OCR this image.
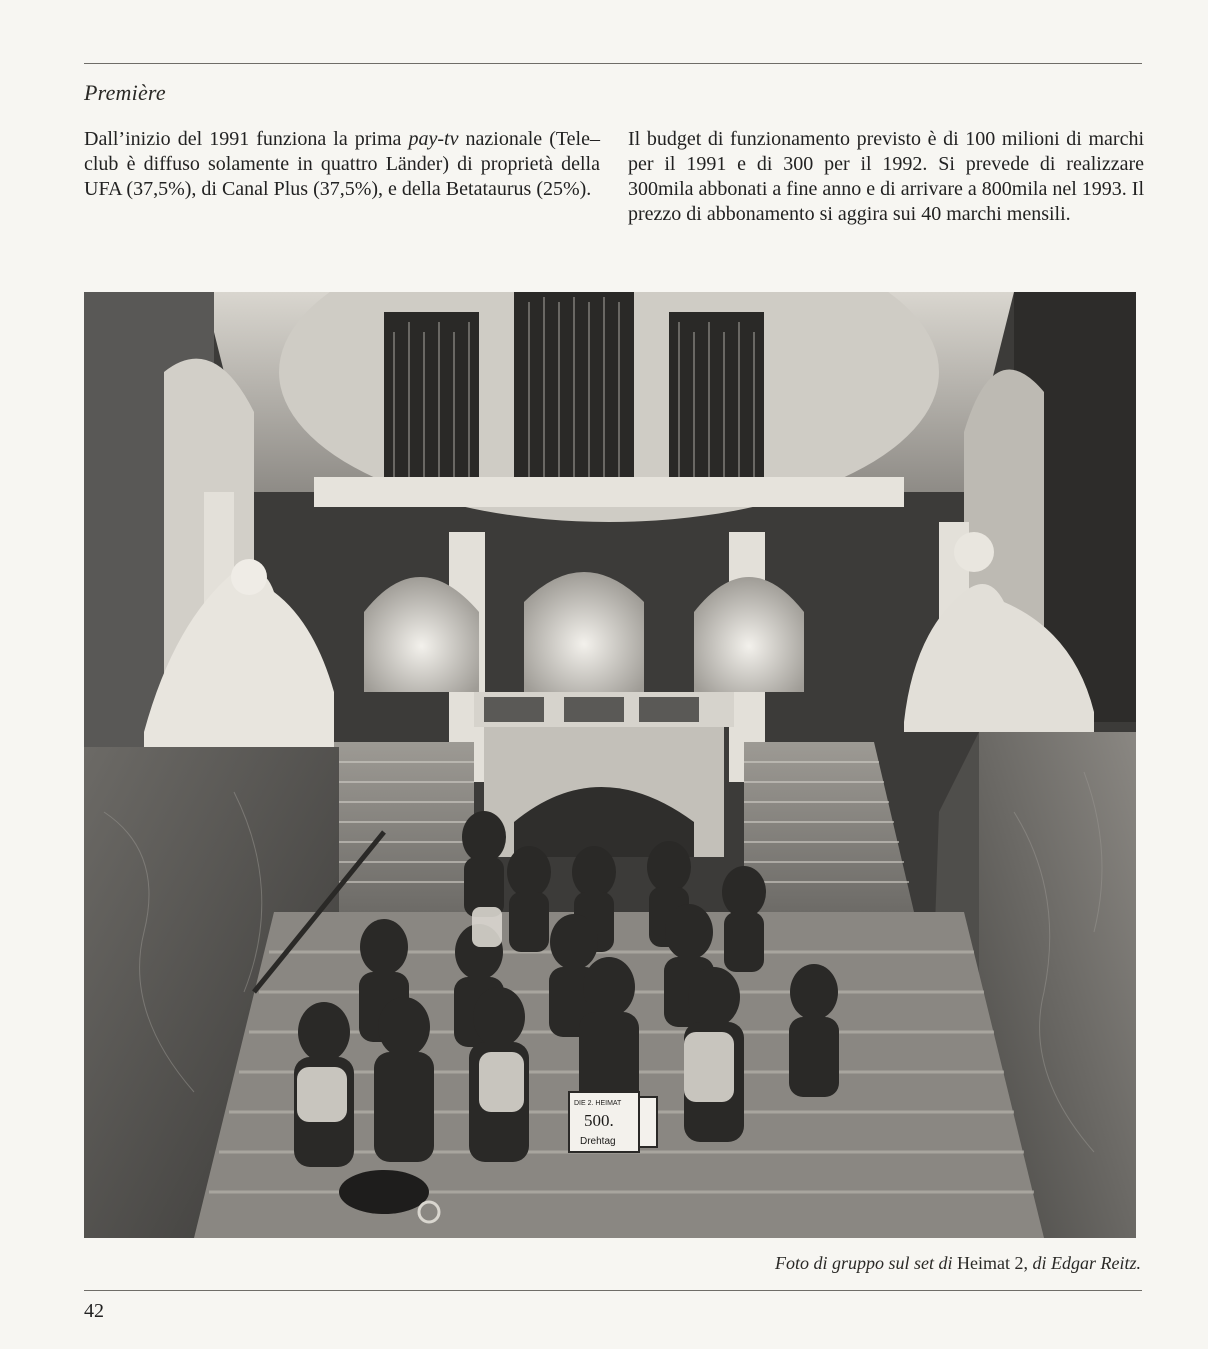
Première

Dall’inizio del 1991 funziona la prima pay-tv nazionale (Tele–club è diffuso solamente in quattro Länder) di proprietà della UFA (37,5%), di Canal Plus (37,5%), e della Betataurus (25%).

Il budget di funzionamento previsto è di 100 milioni di marchi per il 1991 e di 300 per il 1992. Si prevede di realizzare 300mila abbonati a fine anno e di arrivare a 800mila nel 1993. Il prezzo di abbonamento si aggira sui 40 marchi mensili.

DIE 2. HEIMAT
500.
Drehtag
Foto di gruppo sul set di Heimat 2, di Edgar Reitz.
42
